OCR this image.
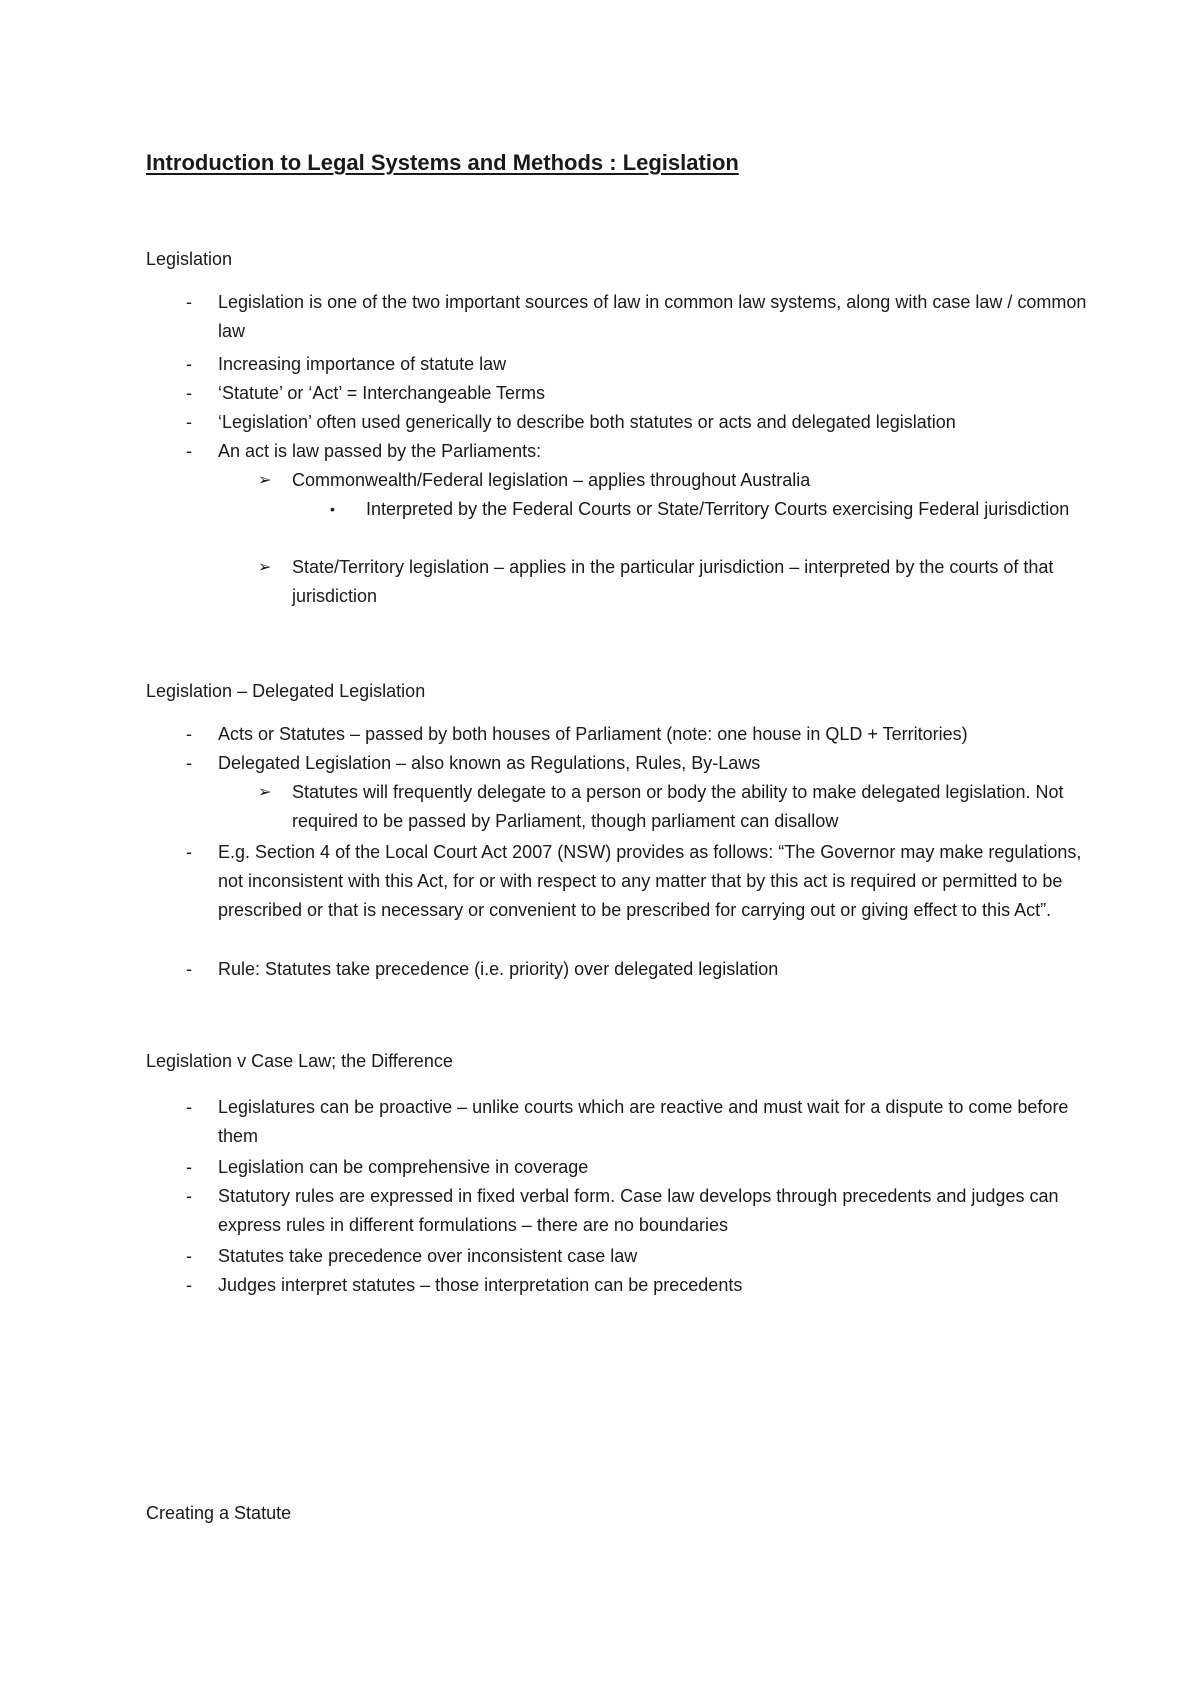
Introduction to Legal Systems and Methods : Legislation
Legislation
- Legislation is one of the two important sources of law in common law systems, along with case law / common law
- Increasing importance of statute law
- ‘Statute’ or ‘Act’ = Interchangeable Terms
- ‘Legislation’ often used generically to describe both statutes or acts and delegated legislation
- An act is law passed by the Parliaments:
➢ Commonwealth/Federal legislation – applies throughout Australia
• Interpreted by the Federal Courts or State/Territory Courts exercising Federal jurisdiction
➢ State/Territory legislation – applies in the particular jurisdiction – interpreted by the courts of that jurisdiction
Legislation – Delegated Legislation
- Acts or Statutes – passed by both houses of Parliament (note: one house in QLD + Territories)
- Delegated Legislation – also known as Regulations, Rules, By-Laws
➢ Statutes will frequently delegate to a person or body the ability to make delegated legislation. Not required to be passed by Parliament, though parliament can disallow
- E.g. Section 4 of the Local Court Act 2007 (NSW) provides as follows: “The Governor may make regulations, not inconsistent with this Act, for or with respect to any matter that by this act is required or permitted to be prescribed or that is necessary or convenient to be prescribed for carrying out or giving effect to this Act”.
- Rule: Statutes take precedence (i.e. priority) over delegated legislation
Legislation v Case Law; the Difference
- Legislatures can be proactive – unlike courts which are reactive and must wait for a dispute to come before them
- Legislation can be comprehensive in coverage
- Statutory rules are expressed in fixed verbal form. Case law develops through precedents and judges can express rules in different formulations – there are no boundaries
- Statutes take precedence over inconsistent case law
- Judges interpret statutes – those interpretation can be precedents
Creating a Statute
